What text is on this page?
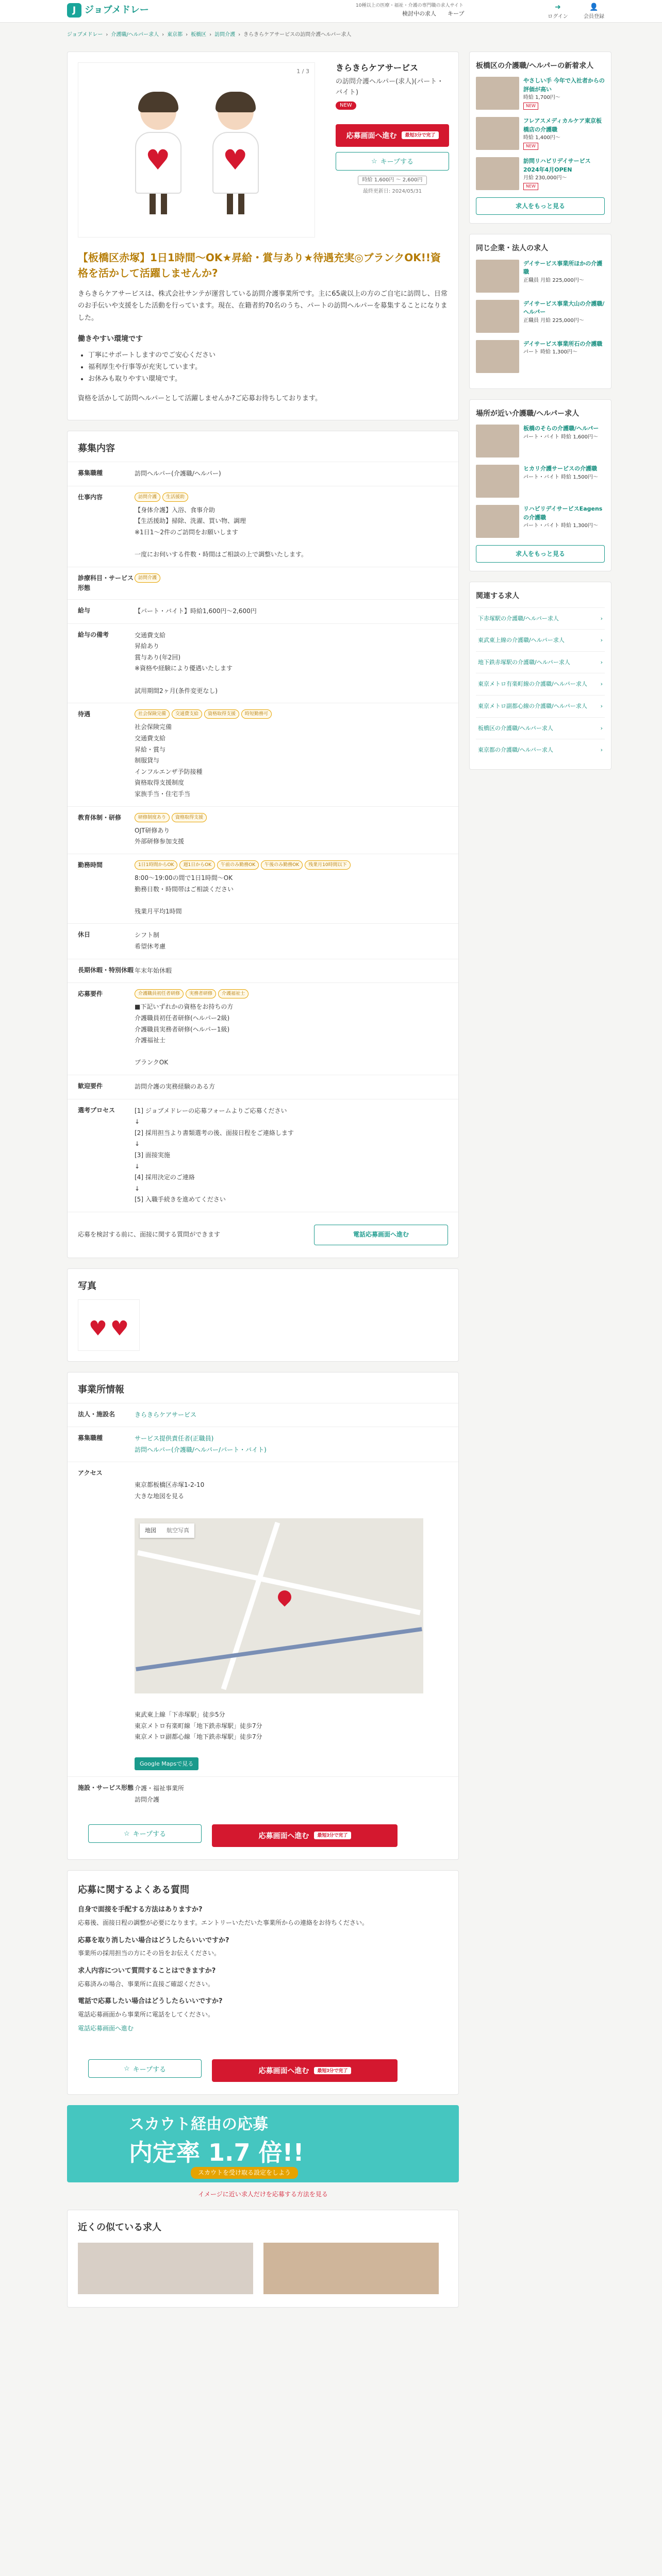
J ジョブメドレー	10種以上の医療・福祉・介護の専門職の求人サイト
検討中の求人 キープ
➜
ログイン
👤
会員登録
ジョブメドレー › 介護職/ヘルパー求人 › 東京都 › 板橋区 › 訪問介護 › きらきらケアサービスの訪問介護ヘルパー求人
1 / 3
♥ ♥
きらきらケアサービス
の訪問介護ヘルパー(求人)(パート・バイト)
NEW
応募画面へ進む	最短3分で完了
☆ キープする
時給 1,600円 〜 2,600円
最終更新日: 2024/05/31
【板橋区赤塚】1日1時間〜OK★昇給・賞与あり★待遇充実◎ブランクOK!!資格を活かして活躍しませんか?

きらきらケアサービスは、株式会社サンテが運営している訪問介護事業所です。主に65歳以上の方のご自宅に訪問し、日常のお手伝いや支援をした活動を行っています。現在、在籍者約70名のうち、パートの訪問ヘルパーを募集することになりました。

働きやすい環境です
• 丁寧にサポートしますのでご安心ください
• 福利厚生や行事等が充実しています。
• お休みも取りやすい環境です。

資格を活かして訪問ヘルパーとして活躍しませんか?ご応募お待ちしております。

募集内容
募集職種	訪問ヘルパー(介護職/ヘルパー)
仕事内容	訪問介護	生活援助
【身体介護】入浴、食事介助
【生活援助】掃除、洗濯、買い物、調理
※1日1〜2件のご訪問をお願いします

一度にお伺いする件数・時間はご相談の上で調整いたします。
診療科目・サービス形態
訪問介護
給与	【パート・バイト】時給1,600円〜2,600円
給与の備考	交通費支給
昇給あり
賞与あり(年2回)
※資格や経験により優遇いたします

試用期間2ヶ月(条件変更なし)
待遇	社会保険完備	交通費支給	資格取得支援	時短勤務可
社会保険完備
交通費支給
昇給・賞与
制服貸与
インフルエンザ予防接種
資格取得支援制度
家族手当・住宅手当
教育体制・研修	研修制度あり	資格取得支援
OJT研修あり
外部研修参加支援
勤務時間	1日1時間からOK	週1日からOK	午前のみ勤務OK	午後のみ勤務OK	残業月10時間以下
8:00〜19:00の間で1日1時間〜OK
勤務日数・時間帯はご相談ください

残業月平均1時間
休日	シフト制
希望休考慮
長期休暇・特別休暇 年末年始休暇
応募要件	介護職員初任者研修	実務者研修	介護福祉士
■下記いずれかの資格をお持ちの方
介護職員初任者研修(ヘルパー2級)
介護職員実務者研修(ヘルパー1級)
介護福祉士

ブランクOK
歓迎要件	訪問介護の実務経験のある方
選考プロセス	[1] ジョブメドレーの応募フォームよりご応募ください
↓
[2] 採用担当より書類選考の後、面接日程をご連絡します
↓
[3] 面接実施
↓
[4] 採用決定のご連絡
↓
[5] 入職手続きを進めてください
応募を検討する前に、面接に関する質問ができます	電話応募画面へ進む
写真
♥ ♥
事業所情報
法人・施設名	きらきらケアサービス
募集職種	サービス提供責任者(正職員)
訪問ヘルパー(介護職/ヘルパー/パート・バイト)
アクセス

東京都板橋区赤塚1-2-10
大きな地図を見る

地図	航空写真

東武東上線「下赤塚駅」徒歩5分
東京メトロ有楽町線「地下鉄赤塚駅」徒歩7分
東京メトロ副都心線「地下鉄赤塚駅」徒歩7分

Google Mapsで見る

施設・サービス形態 介護・福祉事業所
訪問介護
☆ キープする	応募画面へ進む	最短3分で完了
応募に関するよくある質問
自身で面接を手配する方法はありますか?

応募後、面接日程の調整が必要になります。エントリーいただいた事業所からの連絡をお待ちください。

応募を取り消したい場合はどうしたらいいですか?

事業所の採用担当の方にその旨をお伝えください。

求人内容について質問することはできますか?

応募済みの場合、事業所に直接ご確認ください。

電話で応募したい場合はどうしたらいいですか?

電話応募画面から事業所に電話をしてください。

電話応募画面へ進む
☆ キープする	応募画面へ進む	最短3分で完了
スカウト経由の応募
内定率 1.7 倍!!
スカウトを受け取る設定をしよう
イメージに近い求人だけを応募する方法を見る
近くの似ている求人
板橋区の介護職/ヘルパーの新着求人
やさしい手 今年で入社者からの評価が高い
時給 1,700円〜
NEW
フレアスメディカルケア東京板橋店の介護職
時給 1,400円〜
NEW
訪問リハビリデイサービス2024年4月OPEN
月給 230,000円〜
NEW
求人をもっと見る
同じ企業・法人の求人
デイサービス事業所ほかの介護職
正職員 月給 225,000円〜
デイサービス事業大山の介護職/ヘルパー
正職員 月給 225,000円〜
デイサービス事業所石の介護職
パート 時給 1,300円〜
場所が近い介護職/ヘルパー求人
板橋のそらの介護職/ヘルパー
パート・バイト 時給 1,600円〜
ヒカリ介護サービスの介護職
パート・バイト 時給 1,500円〜
リハビリデイサービスEagensの介護職
パート・バイト 時給 1,300円〜
求人をもっと見る
関連する求人
下赤塚駅の介護職/ヘルパー求人	›
東武東上線の介護職/ヘルパー求人	›
地下鉄赤塚駅の介護職/ヘルパー求人	›
東京メトロ有楽町線の介護職/ヘルパー求人 ›
東京メトロ副都心線の介護職/ヘルパー求人 ›
板橋区の介護職/ヘルパー求人	›
東京都の介護職/ヘルパー求人	›
